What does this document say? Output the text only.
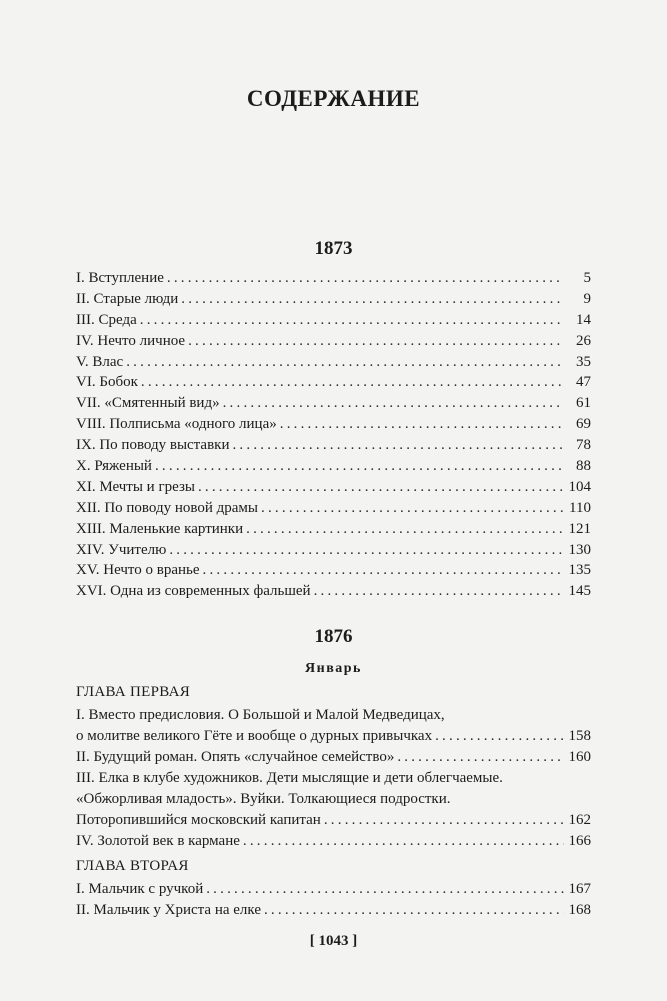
СОДЕРЖАНИЕ
1873
I. Вступление .....	5
II. Старые люди .....	9
III. Среда .....	14
IV. Нечто личное .....	26
V. Влас .....	35
VI. Бобок .....	47
VII. «Смятенный вид» .....	61
VIII. Полписьма «одного лица» .....	69
IX. По поводу выставки .....	78
X. Ряженый .....	88
XI. Мечты и грезы .....	104
XII. По поводу новой драмы .....	110
XIII. Маленькие картинки .....	121
XIV. Учителю .....	130
XV. Нечто о вранье .....	135
XVI. Одна из современных фальшей .....	145
1876
Январь
ГЛАВА ПЕРВАЯ
I. Вместо предисловия. О Большой и Малой Медведицах,
о молитве великого Гёте и вообще о дурных привычках .....	158
II. Будущий роман. Опять «случайное семейство» .....	160
III. Елка в клубе художников. Дети мыслящие и дети облегчаемые.
«Обжорливая младость». Вуйки. Толкающиеся подростки.
Поторопившийся московский капитан .....	162
IV. Золотой век в кармане .....	166
ГЛАВА ВТОРАЯ
I. Мальчик с ручкой .....	167
II. Мальчик у Христа на елке .....	168
[ 1043 ]
